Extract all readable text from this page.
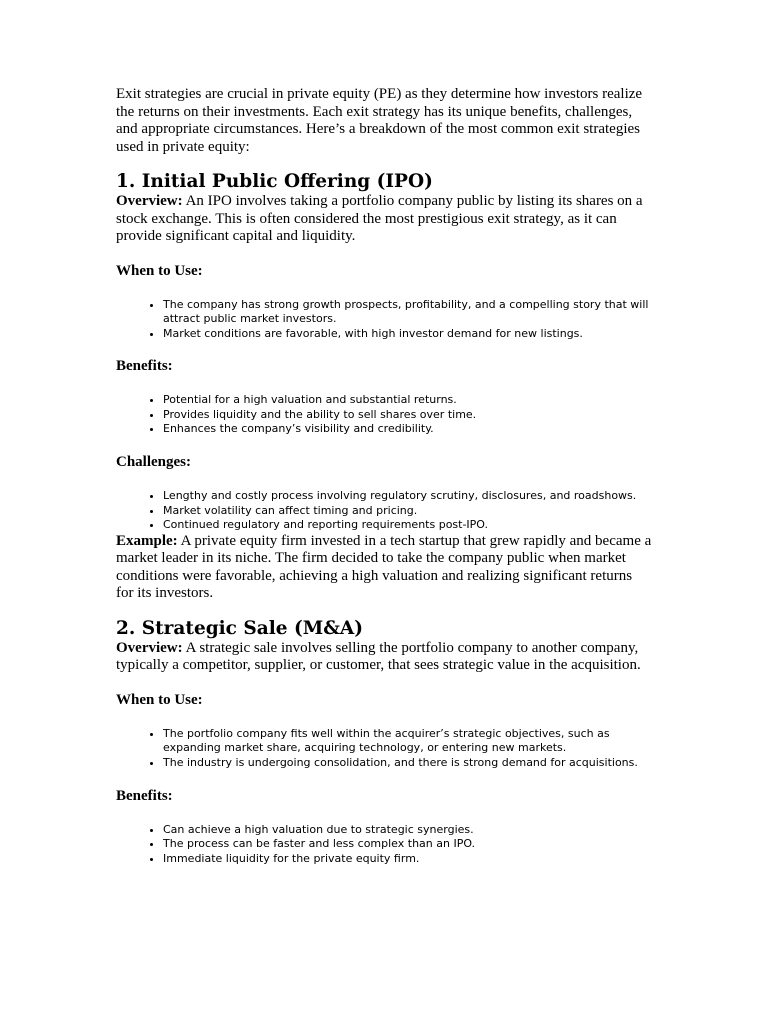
Exit strategies are crucial in private equity (PE) as they determine how investors realize the returns on their investments. Each exit strategy has its unique benefits, challenges, and appropriate circumstances. Here’s a breakdown of the most common exit strategies used in private equity:

1. Initial Public Offering (IPO)

Overview: An IPO involves taking a portfolio company public by listing its shares on a stock exchange. This is often considered the most prestigious exit strategy, as it can provide significant capital and liquidity.

When to Use:
• The company has strong growth prospects, profitability, and a compelling story that will attract public market investors.
• Market conditions are favorable, with high investor demand for new listings.
Benefits:
• Potential for a high valuation and substantial returns.
• Provides liquidity and the ability to sell shares over time.
• Enhances the company’s visibility and credibility.
Challenges:
• Lengthy and costly process involving regulatory scrutiny, disclosures, and roadshows.
• Market volatility can affect timing and pricing.
• Continued regulatory and reporting requirements post-IPO.

Example: A private equity firm invested in a tech startup that grew rapidly and became a market leader in its niche. The firm decided to take the company public when market conditions were favorable, achieving a high valuation and realizing significant returns for its investors.

2. Strategic Sale (M&A)

Overview: A strategic sale involves selling the portfolio company to another company, typically a competitor, supplier, or customer, that sees strategic value in the acquisition.

When to Use:
• The portfolio company fits well within the acquirer’s strategic objectives, such as expanding market share, acquiring technology, or entering new markets.
• The industry is undergoing consolidation, and there is strong demand for acquisitions.
Benefits:
• Can achieve a high valuation due to strategic synergies.
• The process can be faster and less complex than an IPO.
• Immediate liquidity for the private equity firm.
